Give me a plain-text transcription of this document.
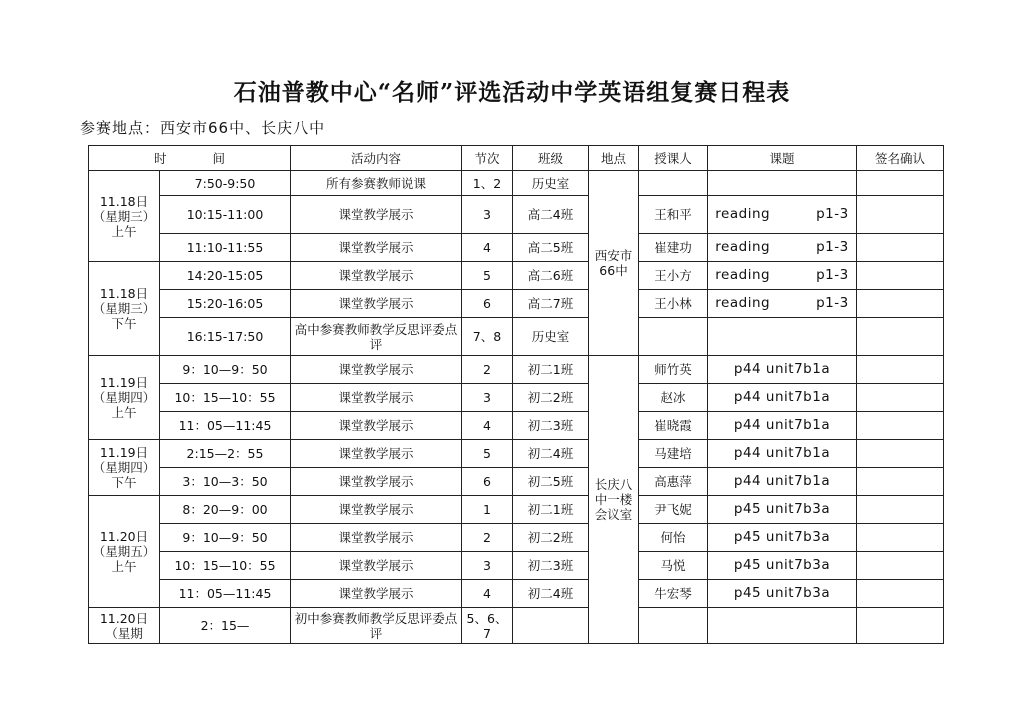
石油普教中心“名师”评选活动中学英语组复赛日程表
参赛地点：西安市66中、长庆八中
时 间		活动内容	节次	班级	地点	授课人	课题	签名确认
11.18日（星期三）上午	7:50-9:50	所有参赛教师说课	1、2	历史室	西安市66中			
	10:15-11:00	课堂教学展示	3	高二4班		王和平	reading p1-3	
	11:10-11:55	课堂教学展示	4	高二5班		崔建功	reading p1-3	
11.18日（星期三）下午	14:20-15:05	课堂教学展示	5	高二6班		王小方	reading p1-3	
	15:20-16:05	课堂教学展示	6	高二7班		王小林	reading p1-3	
	16:15-17:50	高中参赛教师教学反思评委点评	7、8	历史室				
11.19日（星期四）上午	9：10—9：50	课堂教学展示	2	初二1班	长庆八中一楼会议室	师竹英	p44 unit7b1a	
	10：15—10：55	课堂教学展示	3	初二2班		赵冰	p44 unit7b1a	
	11：05—11:45	课堂教学展示	4	初二3班		崔晓霞	p44 unit7b1a	
11.19日（星期四）下午	2:15—2：55	课堂教学展示	5	初二4班		马建培	p44 unit7b1a	
	3：10—3：50	课堂教学展示	6	初二5班		高惠萍	p44 unit7b1a	
11.20日（星期五）上午	8：20—9：00	课堂教学展示	1	初二1班		尹飞妮	p45 unit7b3a	
	9：10—9：50	课堂教学展示	2	初二2班		何怡	p45 unit7b3a	
	10：15—10：55	课堂教学展示	3	初二3班		马悦	p45 unit7b3a	
	11：05—11:45	课堂教学展示	4	初二4班		牛宏琴	p45 unit7b3a	
11.20日（星期	2：15—	初中参赛教师教学反思评委点评	5、6、7					
